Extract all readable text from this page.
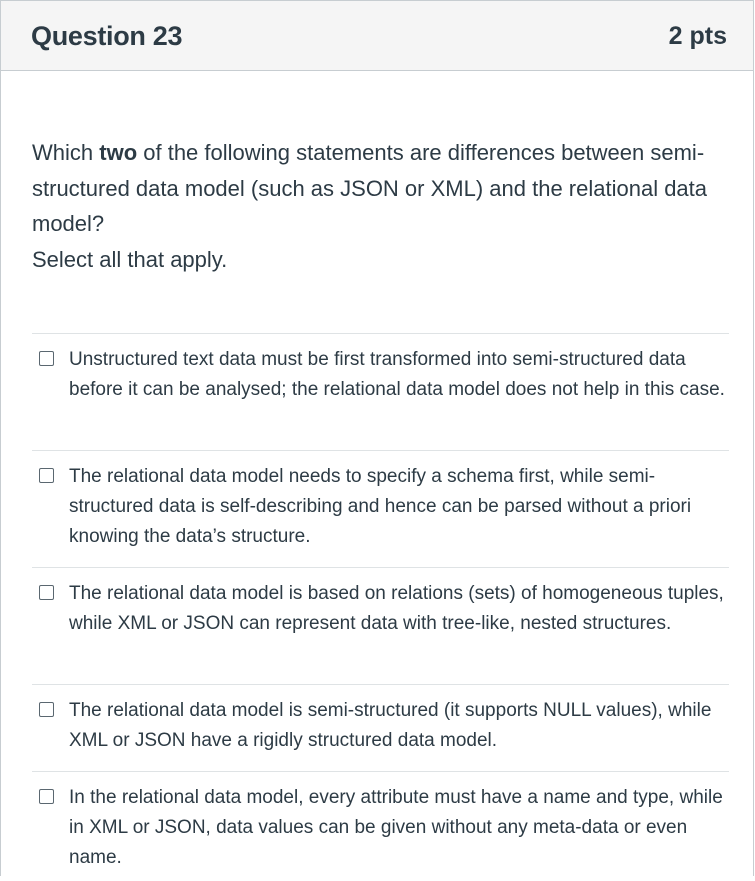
Question 23	2 pts

Which two of the following statements are differences between semi-structured data model (such as JSON or XML) and the relational data model?

Select all that apply.

Unstructured text data must be first transformed into semi-structured data before it can be analysed; the relational data model does not help in this case.
The relational data model needs to specify a schema first, while semi-structured data is self-describing and hence can be parsed without a priori knowing the data’s structure.
The relational data model is based on relations (sets) of homogeneous tuples, while XML or JSON can represent data with tree-like, nested structures.
The relational data model is semi-structured (it supports NULL values), while XML or JSON have a rigidly structured data model.
In the relational data model, every attribute must have a name and type, while in XML or JSON, data values can be given without any meta-data or even name.
